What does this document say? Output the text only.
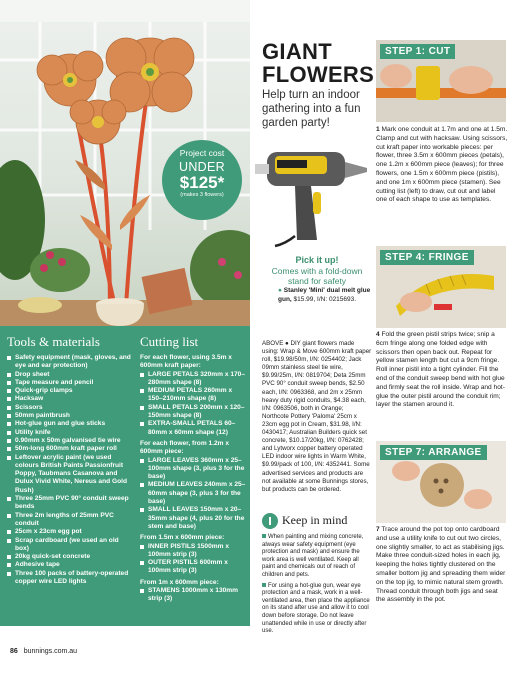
Project cost
UNDER
$125*
(makes 3 flowers)
GIANT FLOWERS
Help turn an indoor gathering into a fun garden party!
Pick it up!
Comes with a fold-down stand for safety
● Stanley 'Mini' dual melt glue gun, $15.99, I/N: 0215693.
STEP 1: CUT
STEP 4: FRINGE
STEP 7: ARRANGE
1 Mark one conduit at 1.7m and one at 1.5m. Clamp and cut with hacksaw. Using scissors, cut kraft paper into workable pieces: per flower, three 3.5m x 600mm pieces (petals), one 1.2m x 600mm piece (leaves); for three flowers, one 1.5m x 600mm piece (pistils), and one 1m x 600mm piece (stamen). See cutting list (left) to draw, cut out and label one of each shape to use as templates.
4 Fold the green pistil strips twice; snip a 6cm fringe along one folded edge with scissors then open back out. Repeat for yellow stamen length but cut a 9cm fringe. Roll inner pistil into a tight cylinder. Fill the end of the conduit sweep bend with hot glue and firmly seat the roll inside. Wrap and hot-glue the outer pistil around the conduit rim; layer the stamen around it.
7 Trace around the pot top onto cardboard and use a utility knife to cut out two circles, one slightly smaller, to act as stabilising jigs. Make three conduit-sized holes in each jig, keeping the holes tightly clustered on the smaller bottom jig and spreading them wider on the top jig, to mimic natural stem growth. Thread conduit through both jigs and seat the assembly in the pot.
Tools & materials	Cutting list
Safety equipment (mask, gloves, and eye and ear protection)
Drop sheet
Tape measure and pencil
Quick-grip clamps
Hacksaw
Scissors
50mm paintbrush
Hot-glue gun and glue sticks
Utility knife
0.90mm x 50m galvanised tie wire
50m-long 600mm kraft paper roll
Leftover acrylic paint (we used colours British Paints Passionfruit Poppy, Taubmans Casanova and Dulux Vivid White, Nereus and Gold Rush)
Three 25mm PVC 90° conduit sweep bends
Three 2m lengths of 25mm PVC conduit
25cm x 23cm egg pot
Scrap cardboard (we used an old box)
20kg quick-set concrete
Adhesive tape
Three 100 packs of battery-operated copper wire LED lights

For each flower, using 3.5m x 600mm kraft paper:

LARGE PETALS 320mm x 170–280mm shape (8)
MEDIUM PETALS 260mm x 150–210mm shape (8)
SMALL PETALS 200mm x 120–150mm shape (8)
EXTRA-SMALL PETALS 60–80mm x 60mm shape (12)

For each flower, from 1.2m x 600mm piece:

LARGE LEAVES 360mm x 25–100mm shape (3, plus 3 for the base)
MEDIUM LEAVES 240mm x 25–60mm shape (3, plus 3 for the base)
SMALL LEAVES 150mm x 20–35mm shape (4, plus 20 for the stem and base)

From 1.5m x 600mm piece:

INNER PISTILS 1500mm x 100mm strip (3)
OUTER PISTILS 600mm x 100mm strip (3)

From 1m x 600mm piece:

STAMENS 1000mm x 130mm strip (3)
ABOVE ● DIY giant flowers made using: Wrap & Move 600mm kraft paper roll, $19.98/50m, I/N: 0254402; Jack 09mm stainless steel tie wire, $9.99/25m, I/N: 0819704; Deta 25mm PVC 90° conduit sweep bends, $2.50 each, I/N: 0963368, and 2m x 25mm heavy duty rigid conduits, $4.38 each, I/N: 0963506, both in Orange; Northcote Pottery 'Paloma' 25cm x 23cm egg pot in Cream, $31.98, I/N: 0430417; Australian Builders quick set concrete, $10.17/20kg, I/N: 0762428; and Lytworx copper battery operated LED indoor wire lights in Warm White, $9.99/pack of 100, I/N: 4352441. Some advertised services and products are not available at some Bunnings stores, but products can be ordered.
Keep in mind

When painting and mixing concrete, always wear safety equipment (eye protection and mask) and ensure the work area is well ventilated. Keep all paint and chemicals out of reach of children and pets.

For using a hot-glue gun, wear eye protection and a mask, work in a well-ventilated area, then place the appliance on its stand after use and allow it to cool down before storage. Do not leave unattended while in use or directly after use.

86 bunnings.com.au
